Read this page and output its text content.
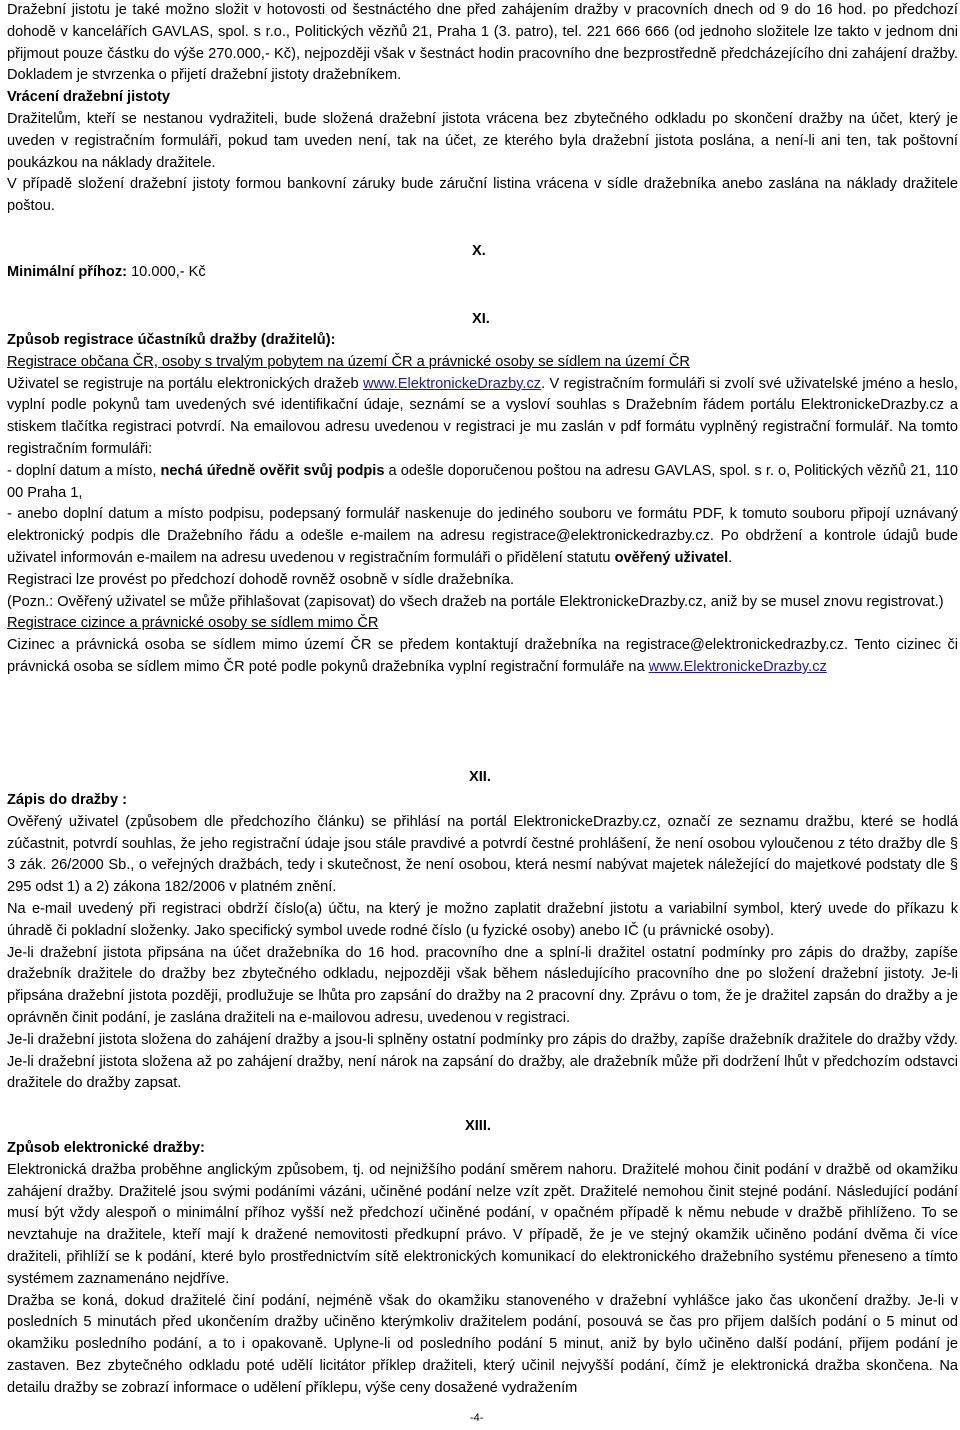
Dražební jistotu je také možno složit v hotovosti od šestnáctého dne před zahájením dražby v pracovních dnech od 9 do 16 hod. po předchozí dohodě v kancelářích GAVLAS, spol. s r.o., Politických vězňů 21, Praha 1 (3. patro), tel. 221 666 666 (od jednoho složitele lze takto v jednom dni přijmout pouze částku do výše 270.000,- Kč), nejpozději však v šestnáct hodin pracovního dne bezprostředně předcházejícího dni zahájení dražby. Dokladem je stvrzenka o přijetí dražební jistoty dražebníkem.

Vrácení dražební jistoty

Dražitelům, kteří se nestanou vydražiteli, bude složená dražební jistota vrácena bez zbytečného odkladu po skončení dražby na účet, který je uveden v registračním formuláři, pokud tam uveden není, tak na účet, ze kterého byla dražební jistota poslána, a není-li ani ten, tak poštovní poukázkou na náklady dražitele.

V případě složení dražební jistoty formou bankovní záruky bude záruční listina vrácena v sídle dražebníka anebo zaslána na náklady dražitele poštou.

X.
Minimální příhoz: 10.000,- Kč
XI.

Způsob registrace účastníků dražby (dražitelů):

Registrace občana ČR, osoby s trvalým pobytem na území ČR a právnické osoby se sídlem na území ČR

Uživatel se registruje na portálu elektronických dražeb www.ElektronickeDrazby.cz. V registračním formuláři si zvolí své uživatelské jméno a heslo, vyplní podle pokynů tam uvedených své identifikační údaje, seznámí se a vysloví souhlas s Dražebním řádem portálu ElektronickeDrazby.cz a stiskem tlačítka registraci potvrdí. Na emailovou adresu uvedenou v registraci je mu zaslán v pdf formátu vyplněný registrační formulář. Na tomto registračním formuláři:

- doplní datum a místo, nechá úředně ověřit svůj podpis a odešle doporučenou poštou na adresu GAVLAS, spol. s r. o, Politických vězňů 21, 110 00 Praha 1,

- anebo doplní datum a místo podpisu, podepsaný formulář naskenuje do jediného souboru ve formátu PDF, k tomuto souboru připojí uznávaný elektronický podpis dle Dražebního řádu a odešle e-mailem na adresu registrace@elektronickedrazby.cz. Po obdržení a kontrole údajů bude uživatel informován e-mailem na adresu uvedenou v registračním formuláři o přidělení statutu ověřený uživatel.

Registraci lze provést po předchozí dohodě rovněž osobně v sídle dražebníka.

(Pozn.: Ověřený uživatel se může přihlašovat (zapisovat) do všech dražeb na portále ElektronickeDrazby.cz, aniž by se musel znovu registrovat.)

Registrace cizince a právnické osoby se sídlem mimo ČR

Cizinec a právnická osoba se sídlem mimo území ČR se předem kontaktují dražebníka na registrace@elektronickedrazby.cz. Tento cizinec či právnická osoba se sídlem mimo ČR poté podle pokynů dražebníka vyplní registrační formuláře na www.ElektronickeDrazby.cz

XII.

Zápis do dražby :

Ověřený uživatel (způsobem dle předchozího článku) se přihlásí na portál ElektronickeDrazby.cz, označí ze seznamu dražbu, které se hodlá zúčastnit, potvrdí souhlas, že jeho registrační údaje jsou stále pravdivé a potvrdí čestné prohlášení, že není osobou vyloučenou z této dražby dle § 3 zák. 26/2000 Sb., o veřejných dražbách, tedy i skutečnost, že není osobou, která nesmí nabývat majetek náležející do majetkové podstaty dle § 295 odst 1) a 2) zákona 182/2006 v platném znění.

Na e-mail uvedený při registraci obdrží číslo(a) účtu, na který je možno zaplatit dražební jistotu a variabilní symbol, který uvede do příkazu k úhradě či pokladní složenky. Jako specifický symbol uvede rodné číslo (u fyzické osoby) anebo IČ (u právnické osoby).

Je-li dražební jistota připsána na účet dražebníka do 16 hod. pracovního dne a splní-li dražitel ostatní podmínky pro zápis do dražby, zapíše dražebník dražitele do dražby bez zbytečného odkladu, nejpozději však během následujícího pracovního dne po složení dražební jistoty. Je-li připsána dražební jistota později, prodlužuje se lhůta pro zapsání do dražby na 2 pracovní dny. Zprávu o tom, že je dražitel zapsán do dražby a je oprávněn činit podání, je zaslána dražiteli na e-mailovou adresu, uvedenou v registraci.

Je-li dražební jistota složena do zahájení dražby a jsou-li splněny ostatní podmínky pro zápis do dražby, zapíše dražebník dražitele do dražby vždy. Je-li dražební jistota složena až po zahájení dražby, není nárok na zapsání do dražby, ale dražebník může při dodržení lhůt v předchozím odstavci dražitele do dražby zapsat.

XIII.

Způsob elektronické dražby:

Elektronická dražba proběhne anglickým způsobem, tj. od nejnižšího podání směrem nahoru. Dražitelé mohou činit podání v dražbě od okamžiku zahájení dražby. Dražitelé jsou svými podáními vázáni, učiněné podání nelze vzít zpět. Dražitelé nemohou činit stejné podání. Následující podání musí být vždy alespoň o minimální příhoz vyšší než předchozí učiněné podání, v opačném případě k němu nebude v dražbě přihlíženo. To se nevztahuje na dražitele, kteří mají k dražené nemovitosti předkupní právo. V případě, že je ve stejný okamžik učiněno podání dvěma či více dražiteli, přihlíží se k podání, které bylo prostřednictvím sítě elektronických komunikací do elektronického dražebního systému přeneseno a tímto systémem zaznamenáno nejdříve.

Dražba se koná, dokud dražitelé činí podání, nejméně však do okamžiku stanoveného v dražební vyhlášce jako čas ukončení dražby. Je-li v posledních 5 minutách před ukončením dražby učiněno kterýmkoliv dražitelem podání, posouvá se čas pro přijem dalších podání o 5 minut od okamžiku posledního podání, a to i opakovaně. Uplyne-li od posledního podání 5 minut, aniž by bylo učiněno další podání, přijem podání je zastaven. Bez zbytečného odkladu poté udělí licitátor příklep dražiteli, který učinil nejvyšší podání, čímž je elektronická dražba skončena. Na detailu dražby se zobrazí informace o udělení příklepu, výše ceny dosažené vydražením

-4-
